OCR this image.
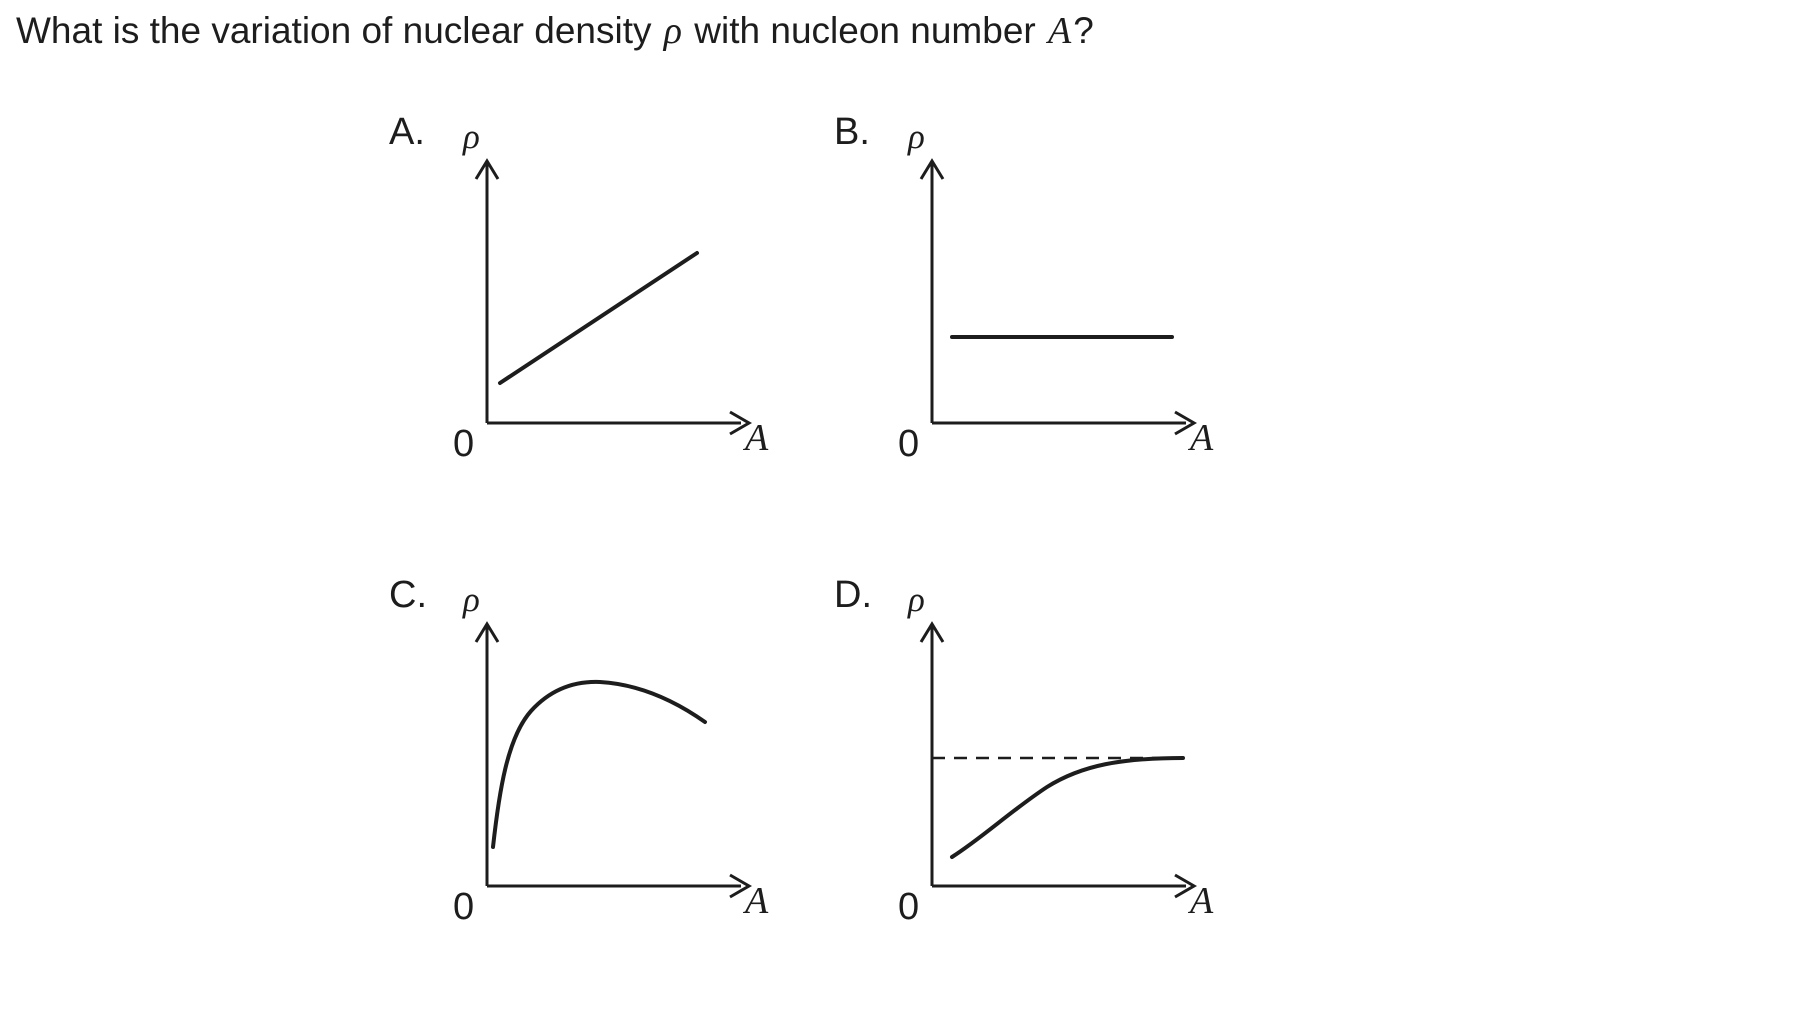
What is the variation of nuclear density ρ with nucleon number A?
A. ρ
0	A
B. ρ
0	A
C. ρ
0	A
D. ρ
0	A
